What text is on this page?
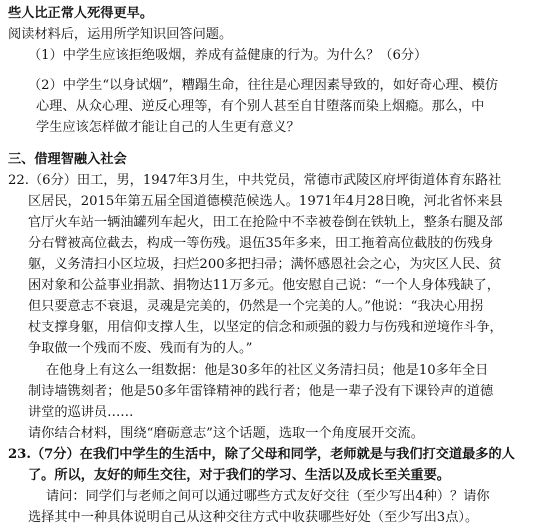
些人比正常人死得更早。
阅读材料后，运用所学知识回答问题。
（1）中学生应该拒绝吸烟，养成有益健康的行为。为什么？（6分）
（2）中学生“以身试烟”，糟蹋生命，往往是心理因素导致的，如好奇心理、模仿
心理、从众心理、逆反心理等，有个别人甚至自甘堕落而染上烟瘾。那么，中
学生应该怎样做才能让自己的人生更有意义？
三、借理智融入社会
22.（6分）田工，男，1947年3月生，中共党员，常德市武陵区府坪街道体育东路社
区居民，2015年第五届全国道德模范候选人。1971年4月28日晚，河北省怀来县
官厅火车站一辆油罐列车起火，田工在抢险中不幸被卷倒在铁轨上，整条右腿及部
分右臂被高位截去，构成一等伤残。退伍35年多来，田工拖着高位截肢的伤残身
躯，义务清扫小区垃圾，扫烂200多把扫帚；满怀感恩社会之心，为灾区人民、贫
困对象和公益事业捐款、捐物达11万多元。他安慰自己说：“一个人身体残缺了，
但只要意志不衰退，灵魂是完美的，仍然是一个完美的人。”他说：“我决心用拐
杖支撑身躯，用信仰支撑人生，以坚定的信念和顽强的毅力与伤残和逆境作斗争，
争取做一个残而不废、残而有为的人。”
在他身上有这么一组数据：他是30多年的社区义务清扫员；他是10多年全日
制诗墙镌刻者；他是50多年雷锋精神的践行者；他是一辈子没有下课铃声的道德
讲堂的巡讲员……
请你结合材料，围绕“磨砺意志”这个话题，选取一个角度展开交流。
23.（7分）在我们中学生的生活中，除了父母和同学，老师就是与我们打交道最多的人
了。所以，友好的师生交往，对于我们的学习、生活以及成长至关重要。
请问：同学们与老师之间可以通过哪些方式友好交往（至少写出4种）？请你
选择其中一种具体说明自己从这种交往方式中收获哪些好处（至少写出3点）。
